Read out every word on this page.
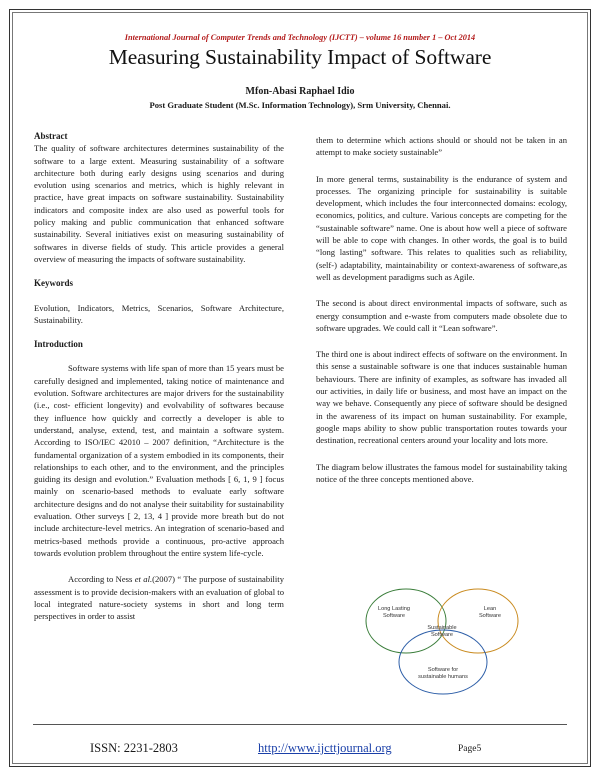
International Journal of Computer Trends and Technology (IJCTT) – volume 16 number 1 – Oct 2014
Measuring Sustainability Impact of Software
Mfon-Abasi Raphael Idio
Post Graduate Student (M.Sc. Information Technology), Srm University, Chennai.
Abstract

The quality of software architectures determines sustainability of the software to a large extent. Measuring sustainability of a software architecture both during early designs using scenarios and during evolution using scenarios and metrics, which is highly relevant in practice, have great impacts on software sustainability. Sustainability indicators and composite index are also used as powerful tools for policy making and public communication that enhanced software sustainability. Several initiatives exist on measuring sustainability of softwares in diverse fields of study. This article provides a general overview of measuring the impacts of software sustainability.

Keywords

Evolution, Indicators, Metrics, Scenarios, Software Architecture, Sustainability.

Introduction

Software systems with life span of more than 15 years must be carefully designed and implemented, taking notice of maintenance and evolution. Software architectures are major drivers for the sustainability (i.e., cost- efficient longevity) and evolvability of softwares because they influence how quickly and correctly a developer is able to understand, analyse, extend, test, and maintain a software system. According to ISO/IEC 42010 – 2007 definition, “Architecture is the fundamental organization of a system embodied in its components, their relationships to each other, and to the environment, and the principles guiding its design and evolution.” Evaluation methods [ 6, 1, 9 ] focus mainly on scenario-based methods to evaluate early software architecture designs and do not analyse their suitability for sustainability evaluation. Other surveys [ 2, 13, 4 ] provide more breath but do not include architecture-level metrics. An integration of scenario-based and metrics-based methods provide a continuous, pro-active approach towards evolution problem throughout the entire system life-cycle.

According to Ness et al.(2007) “ The purpose of sustainability assessment is to provide decision-makers with an evaluation of global to local integrated nature-society systems in short and long term perspectives in order to assist

them to determine which actions should or should not be taken in an attempt to make society sustainable”

In more general terms, sustainability is the endurance of system and processes. The organizing principle for sustainability is suitable development, which includes the four interconnected domains: ecology, economics, politics, and culture. Various concepts are competing for the “sustainable software” name. One is about how well a piece of software will be able to cope with changes. In other words, the goal is to build “long lasting” software. This relates to qualities such as reliability, (self-) adaptability, maintainability or context-awareness of software,as well as development paradigms such as Agile.

The second is about direct environmental impacts of software, such as energy consumption and e-waste from computers made obsolete due to software upgrades. We could call it “Lean software”.

The third one is about indirect effects of software on the environment. In this sense a sustainable software is one that induces sustainable human behaviours. There are infinity of examples, as software has invaded all our activities, in daily life or business, and most have an impact on the way we behave. Consequently any piece of software should be designed in the awareness of its impact on human sustainability. For example, google maps ability to show public transportation routes towards your destination, recreational centers around your locality and lots more.

The diagram below illustrates the famous model for sustainability taking notice of the three concepts mentioned above.

Long Lasting
Software
Lean
Software
Sustainable
Software
Software for
sustainable humans
ISSN: 2231-2803	http://www.ijcttjournal.org	Page5
